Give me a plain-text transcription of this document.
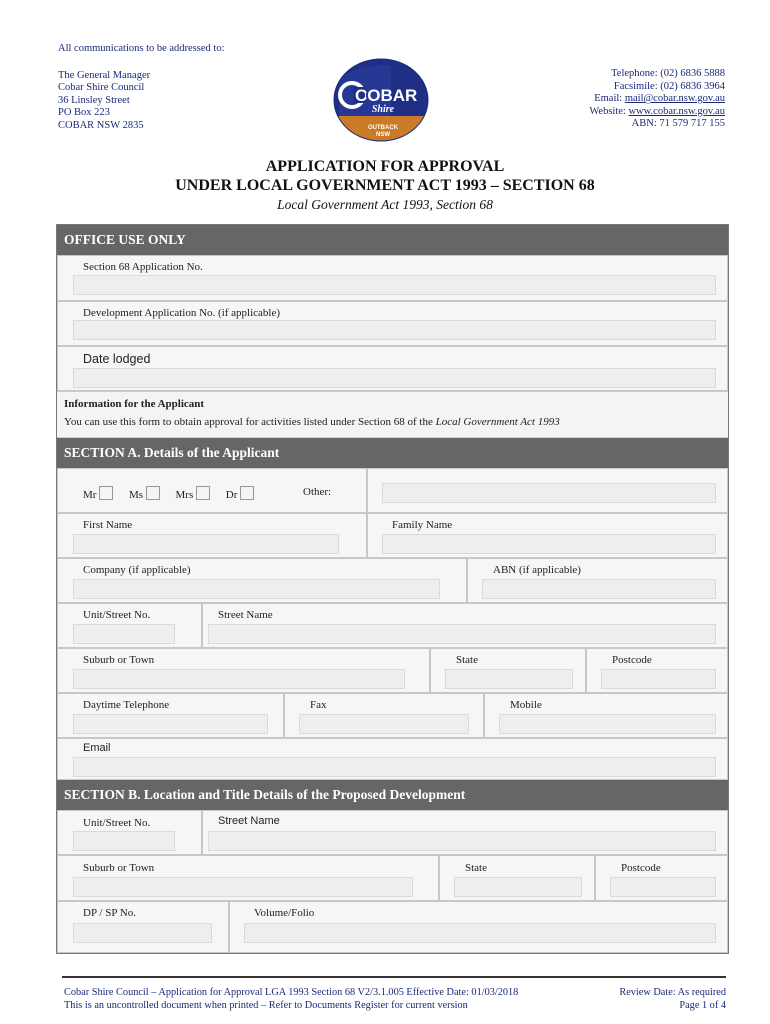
All communications to be addressed to:
The General Manager
Cobar Shire Council
36 Linsley Street
PO Box 223
COBAR NSW 2835
COBAR
Shire
OUTBACK
NSW
Telephone: (02) 6836 5888
Facsimile: (02) 6836 3964
Email: mail@cobar.nsw.gov.au
Website: www.cobar.nsw.gov.au
ABN: 71 579 717 155
APPLICATION FOR APPROVAL
UNDER LOCAL GOVERNMENT ACT 1993 – SECTION 68
Local Government Act 1993, Section 68
OFFICE USE ONLY
Section 68 Application No.
Development Application No. (if applicable)
Date lodged
Information for the Applicant
You can use this form to obtain approval for activities listed under Section 68 of the Local Government Act 1993
SECTION A. Details of the Applicant
Mr	Ms	Mrs	Dr	Other:
First Name	Family Name
Company (if applicable)	ABN (if applicable)
Unit/Street No.	Street Name
Suburb or Town	State	Postcode
Daytime Telephone	Fax	Mobile
Email
SECTION B. Location and Title Details of the Proposed Development
Unit/Street No.	Street Name
Suburb or Town	State	Postcode
DP / SP No.	Volume/Folio
Review Date: As required
Cobar Shire Council – Application for Approval LGA 1993 Section 68 V2/3.1.005 Effective Date: 01/03/2018
Page 1 of 4
This is an uncontrolled document when printed – Refer to Documents Register for current version
